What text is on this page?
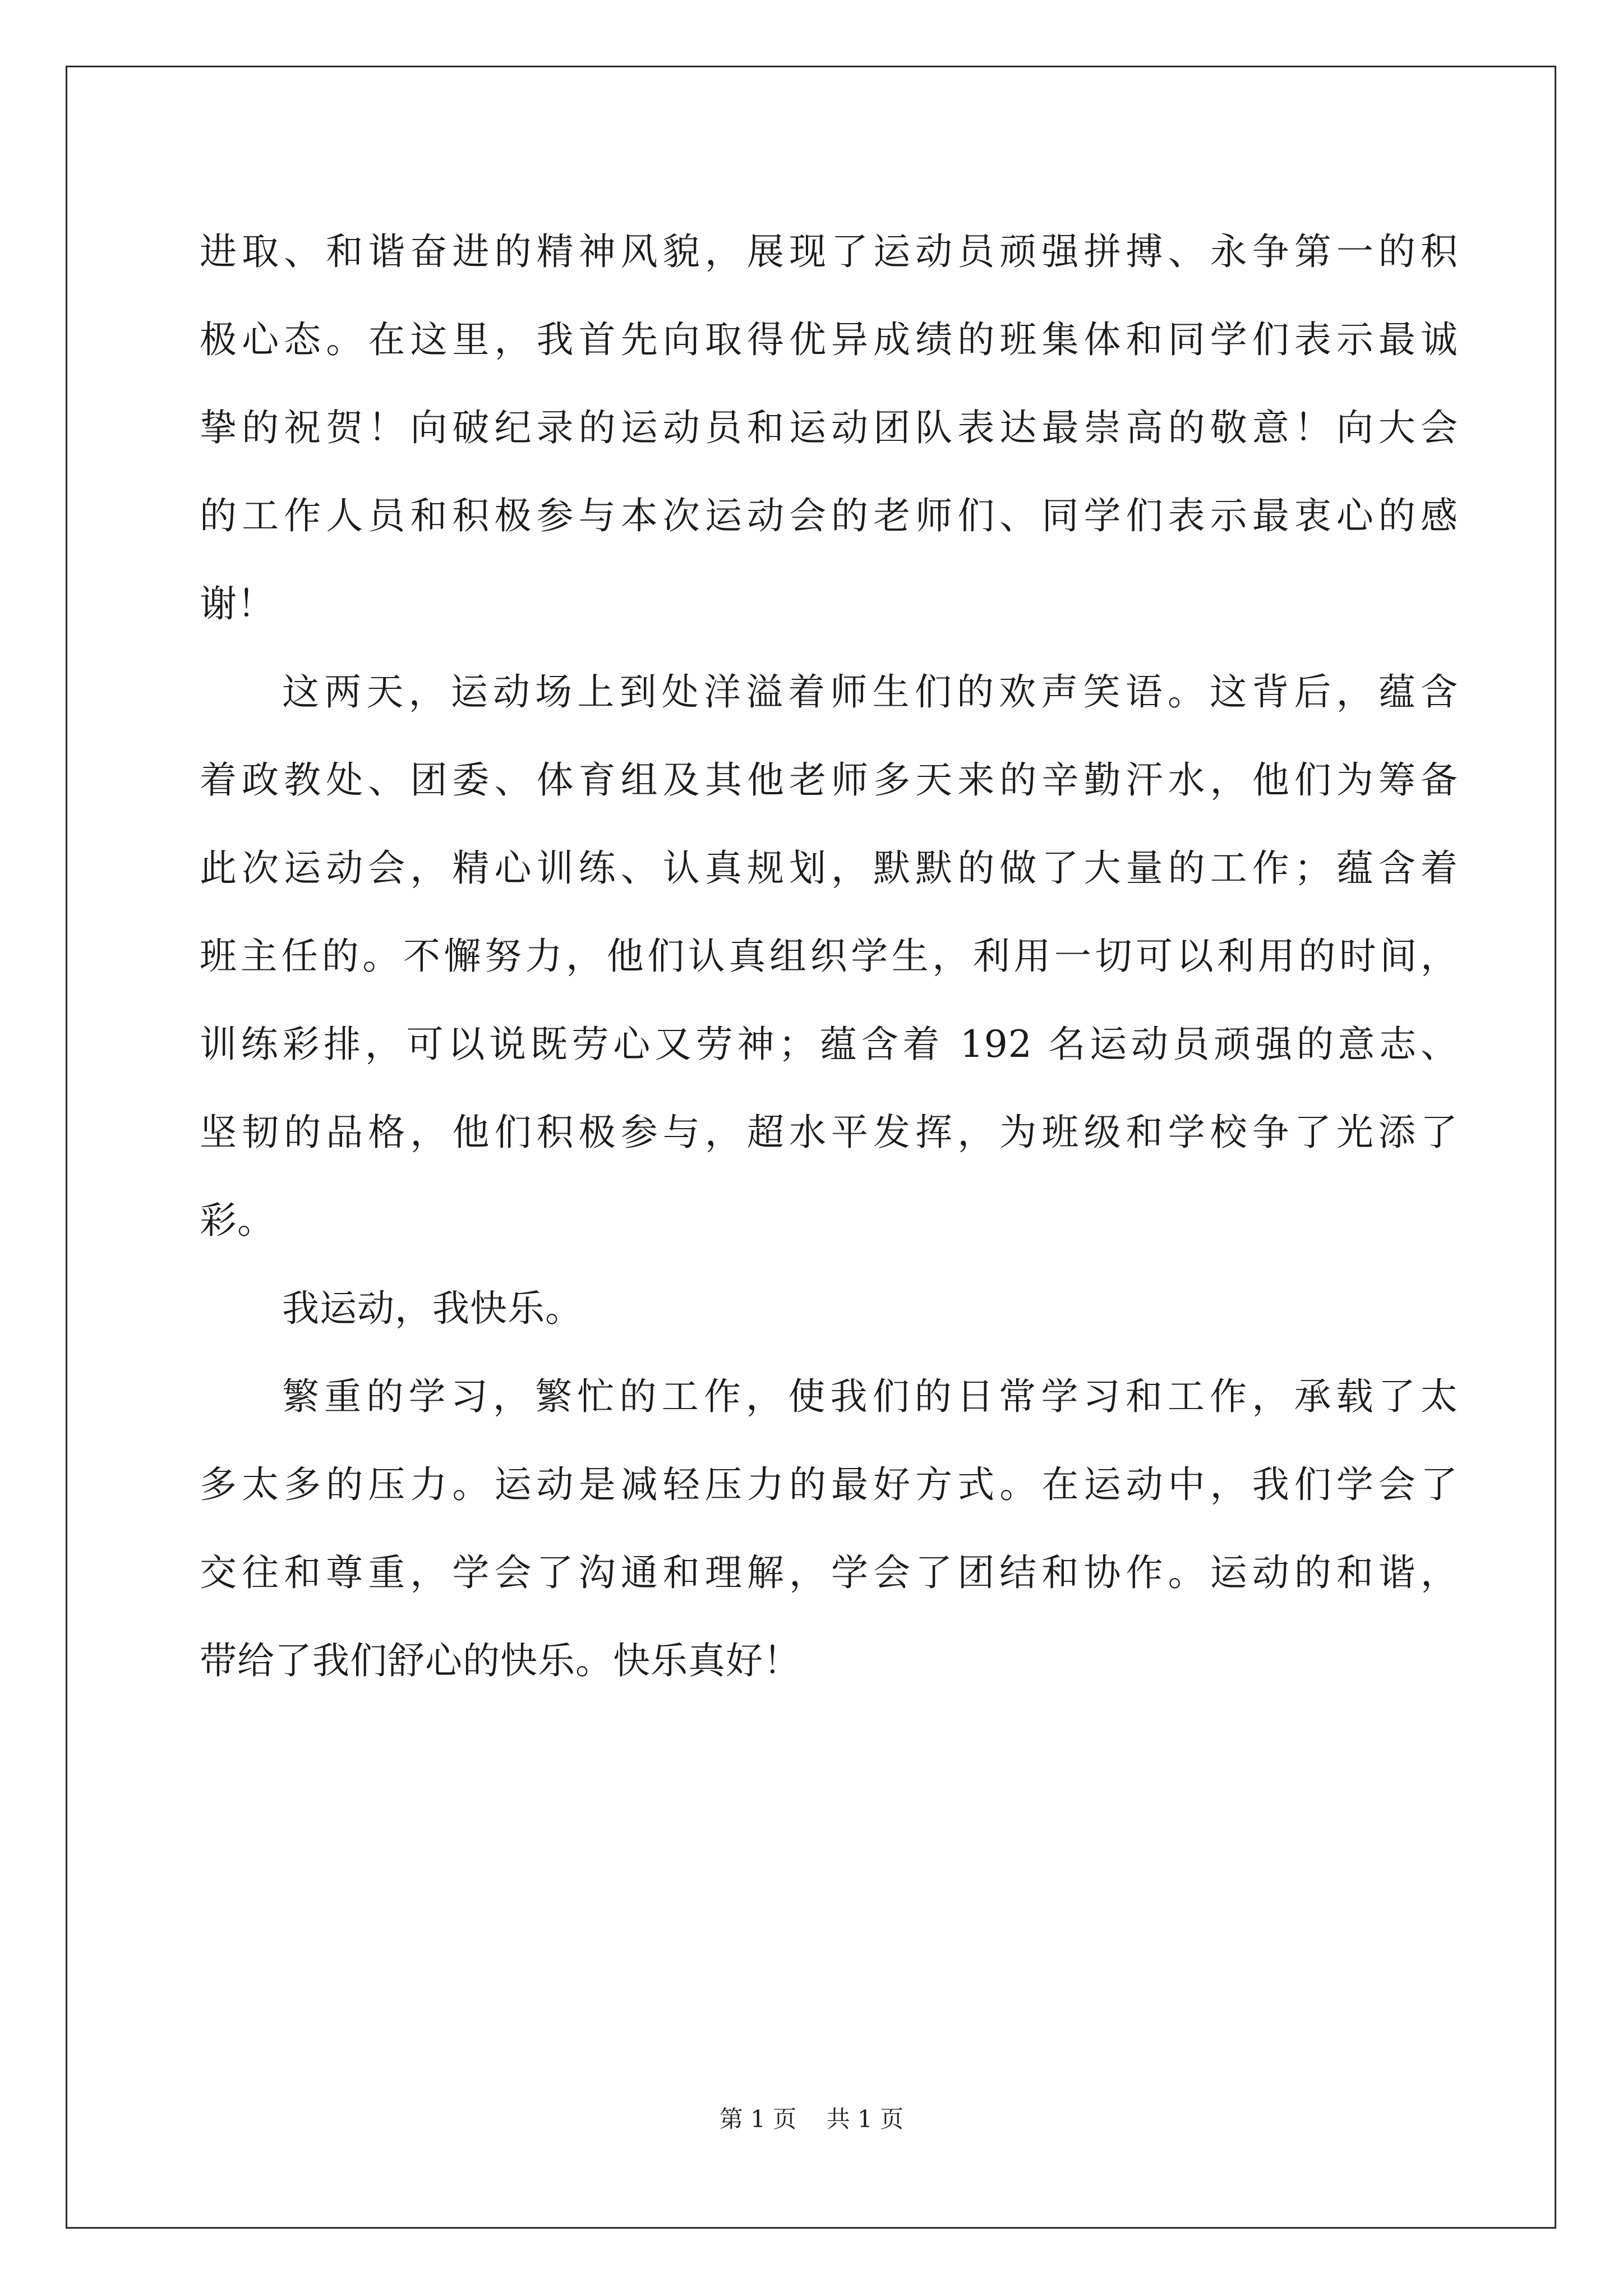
进取、和谐奋进的精神风貌，展现了运动员顽强拼搏、永争第一的积
极心态。在这里，我首先向取得优异成绩的班集体和同学们表示最诚
挚的祝贺！向破纪录的运动员和运动团队表达最崇高的敬意！向大会
的工作人员和积极参与本次运动会的老师们、同学们表示最衷心的感
谢！
这两天，运动场上到处洋溢着师生们的欢声笑语。这背后，蕴含
着政教处、团委、体育组及其他老师多天来的辛勤汗水，他们为筹备
此次运动会，精心训练、认真规划，默默的做了大量的工作；蕴含着
班主任的。不懈努力，他们认真组织学生，利用一切可以利用的时间，
训练彩排，可以说既劳心又劳神；蕴含着 192 名运动员顽强的意志、
坚韧的品格，他们积极参与，超水平发挥，为班级和学校争了光添了
彩。
我运动，我快乐。
繁重的学习，繁忙的工作，使我们的日常学习和工作，承载了太
多太多的压力。运动是减轻压力的最好方式。在运动中，我们学会了
交往和尊重，学会了沟通和理解，学会了团结和协作。运动的和谐，
带给了我们舒心的快乐。快乐真好！
第 1 页    共 1 页
